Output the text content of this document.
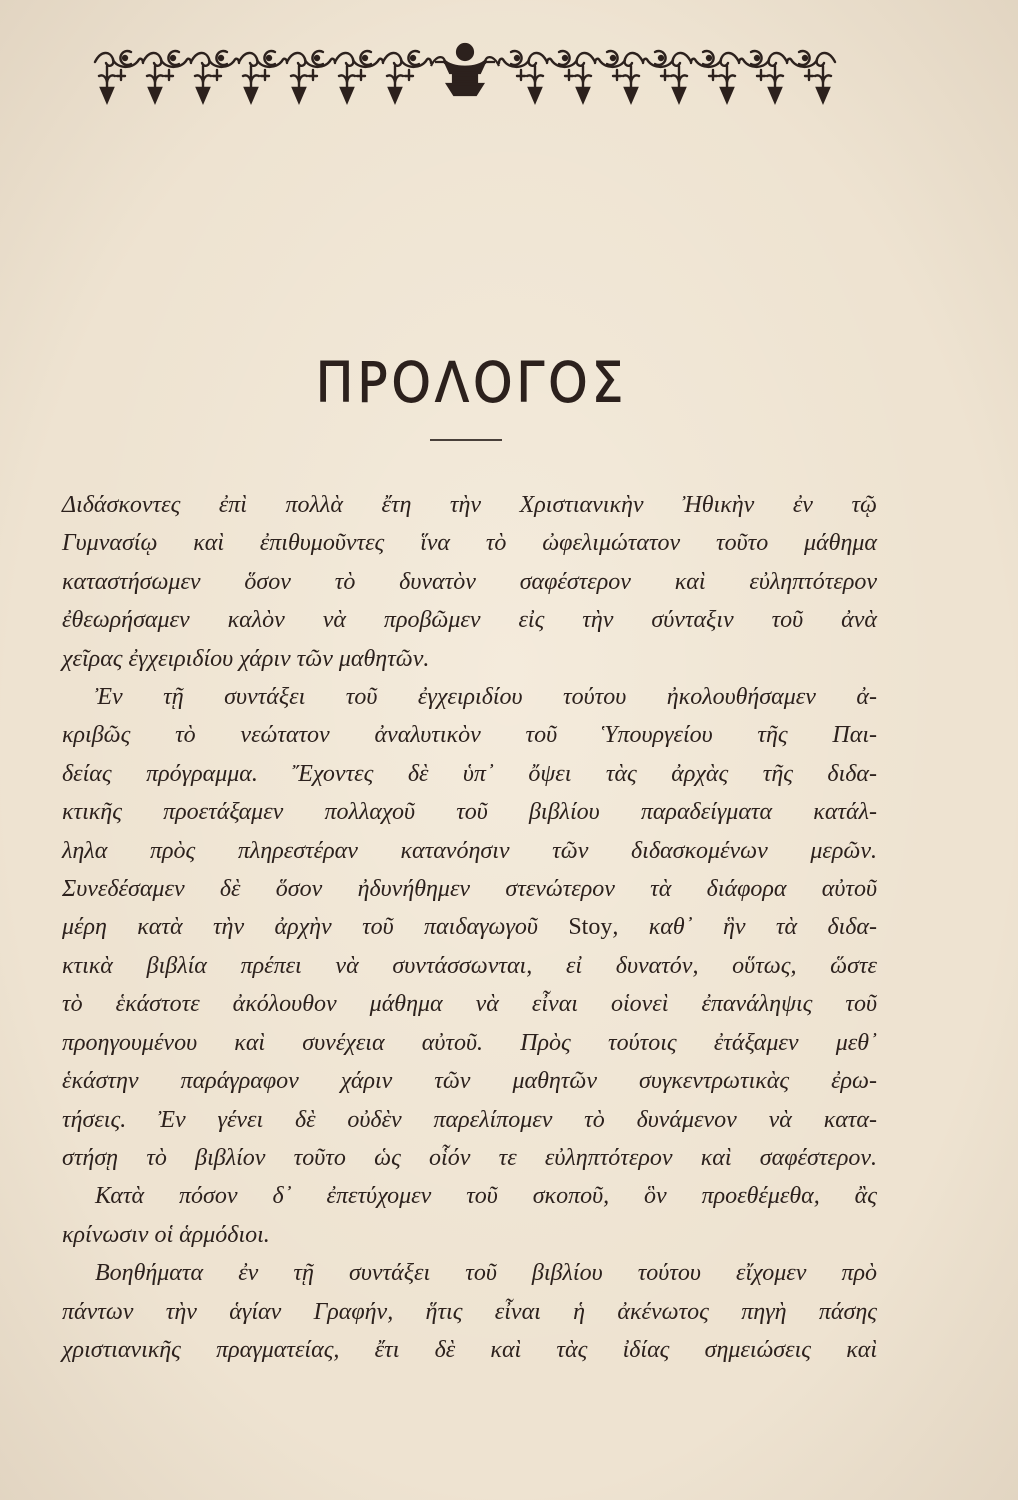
ΠΡΟΛΟΓΟΣ
Διδάσκοντες ἐπὶ πολλὰ ἔτη τὴν Χριστιανικὴν Ἠθικὴν ἐν τῷ
Γυμνασίῳ καὶ ἐπιθυμοῦντες ἵνα τὸ ὠφελιμώτατον τοῦτο μάθημα
καταστήσωμεν ὅσον τὸ δυνατὸν σαφέστερον καὶ εὐληπτότερον
ἐθεωρήσαμεν καλὸν νὰ προβῶμεν εἰς τὴν σύνταξιν τοῦ ἀνὰ
χεῖρας ἐγχειριδίου χάριν τῶν μαθητῶν.
Ἐν τῇ συντάξει τοῦ ἐγχειριδίου τούτου ἠκολουθήσαμεν ἀ-
κριβῶς τὸ νεώτατον ἀναλυτικὸν τοῦ Ὑπουργείου τῆς Παι-
δείας πρόγραμμα. Ἔχοντες δὲ ὑπ᾽ ὄψει τὰς ἀρχὰς τῆς διδα-
κτικῆς προετάξαμεν πολλαχοῦ τοῦ βιβλίου παραδείγματα κατάλ-
ληλα πρὸς πληρεστέραν κατανόησιν τῶν διδασκομένων μερῶν.
Συνεδέσαμεν δὲ ὅσον ἠδυνήθημεν στενώτερον τὰ διάφορα αὐτοῦ
μέρη κατὰ τὴν ἀρχὴν τοῦ παιδαγωγοῦ Stoy, καθ᾽ ἣν τὰ διδα-
κτικὰ βιβλία πρέπει νὰ συντάσσωνται, εἰ δυνατόν, οὕτως, ὥστε
τὸ ἑκάστοτε ἀκόλουθον μάθημα νὰ εἶναι οἱονεὶ ἐπανάληψις τοῦ
προηγουμένου καὶ συνέχεια αὐτοῦ. Πρὸς τούτοις ἐτάξαμεν μεθ᾽
ἑκάστην παράγραφον χάριν τῶν μαθητῶν συγκεντρωτικὰς ἐρω-
τήσεις. Ἐν γένει δὲ οὐδὲν παρελίπομεν τὸ δυνάμενον νὰ κατα-
στήσῃ τὸ βιβλίον τοῦτο ὡς οἷόν τε εὐληπτότερον καὶ σαφέστερον.
Κατὰ πόσον δ᾽ ἐπετύχομεν τοῦ σκοποῦ, ὃν προεθέμεθα, ἂς
κρίνωσιν οἱ ἁρμόδιοι.
Βοηθήματα ἐν τῇ συντάξει τοῦ βιβλίου τούτου εἴχομεν πρὸ
πάντων τὴν ἁγίαν Γραφήν, ἥτις εἶναι ἡ ἀκένωτος πηγὴ πάσης
χριστιανικῆς πραγματείας, ἔτι δὲ καὶ τὰς ἰδίας σημειώσεις καὶ
